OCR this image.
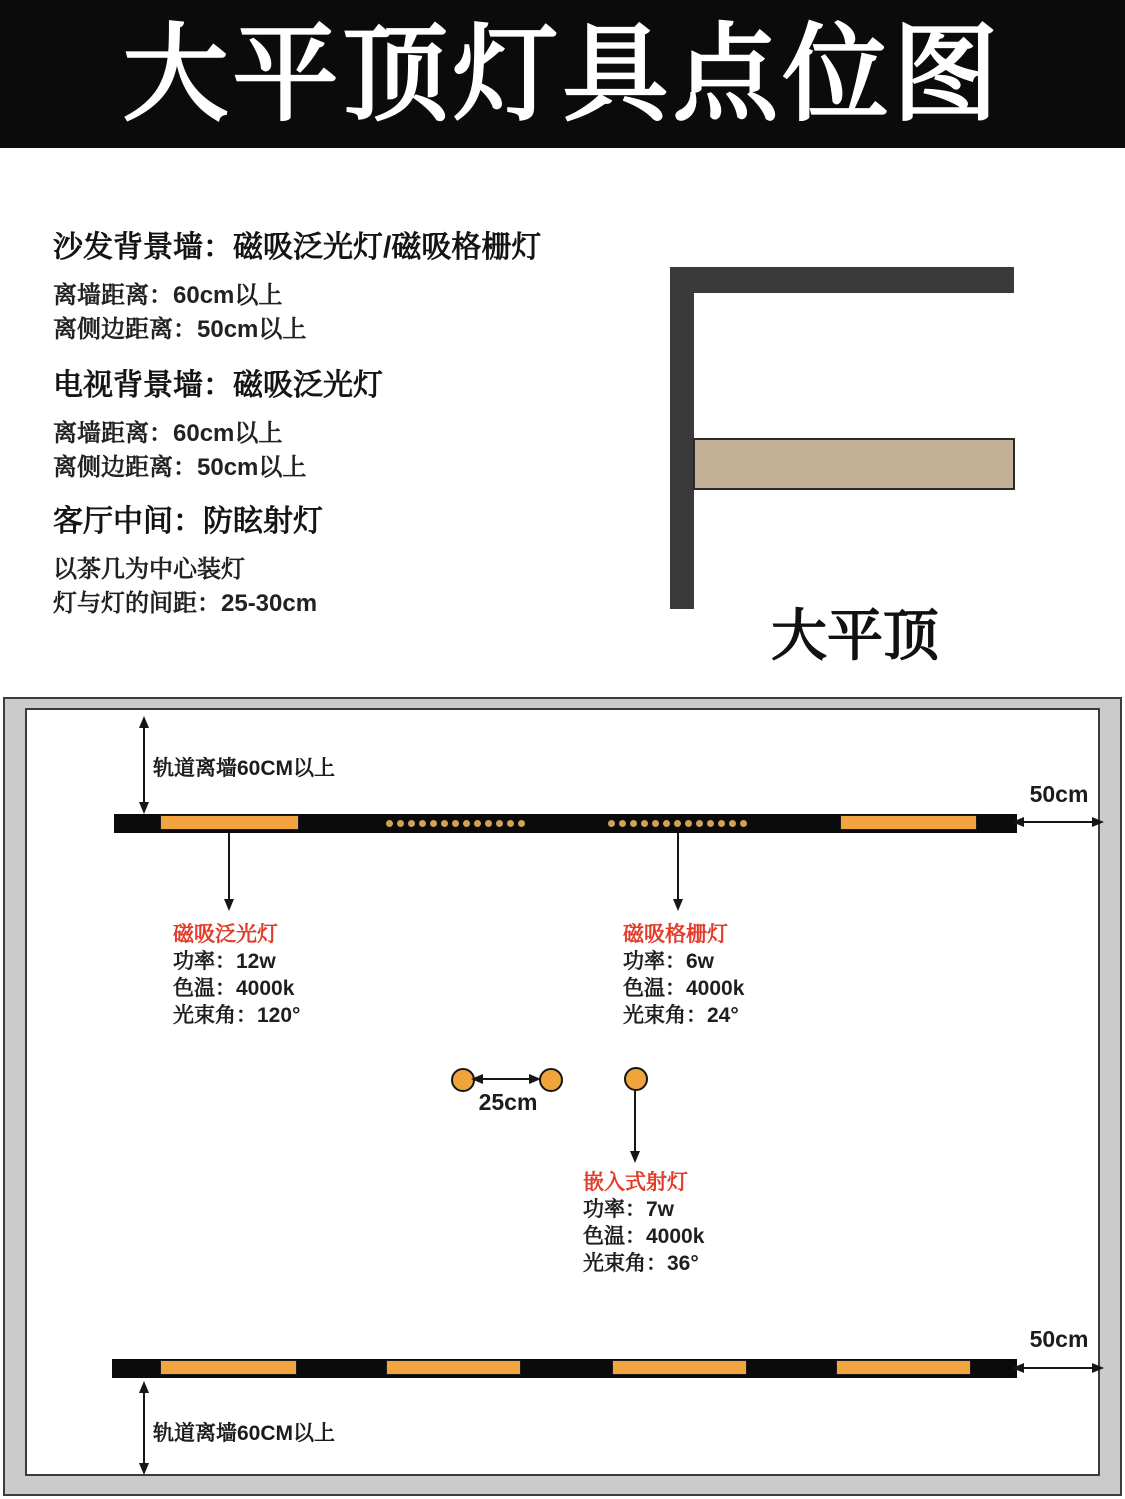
大平顶灯具点位图
沙发背景墙：磁吸泛光灯/磁吸格栅灯
离墙距离：60cm以上
离侧边距离：50cm以上
电视背景墙：磁吸泛光灯
离墙距离：60cm以上
离侧边距离：50cm以上
客厅中间：防眩射灯
以茶几为中心装灯
灯与灯的间距：25-30cm
大平顶
轨道离墙60CM以上
50cm
磁吸泛光灯
功率：12w
色温：4000k
光束角：120°
磁吸格栅灯
功率：6w
色温：4000k
光束角：24°
25cm
嵌入式射灯
功率：7w
色温：4000k
光束角：36°
50cm
轨道离墙60CM以上
